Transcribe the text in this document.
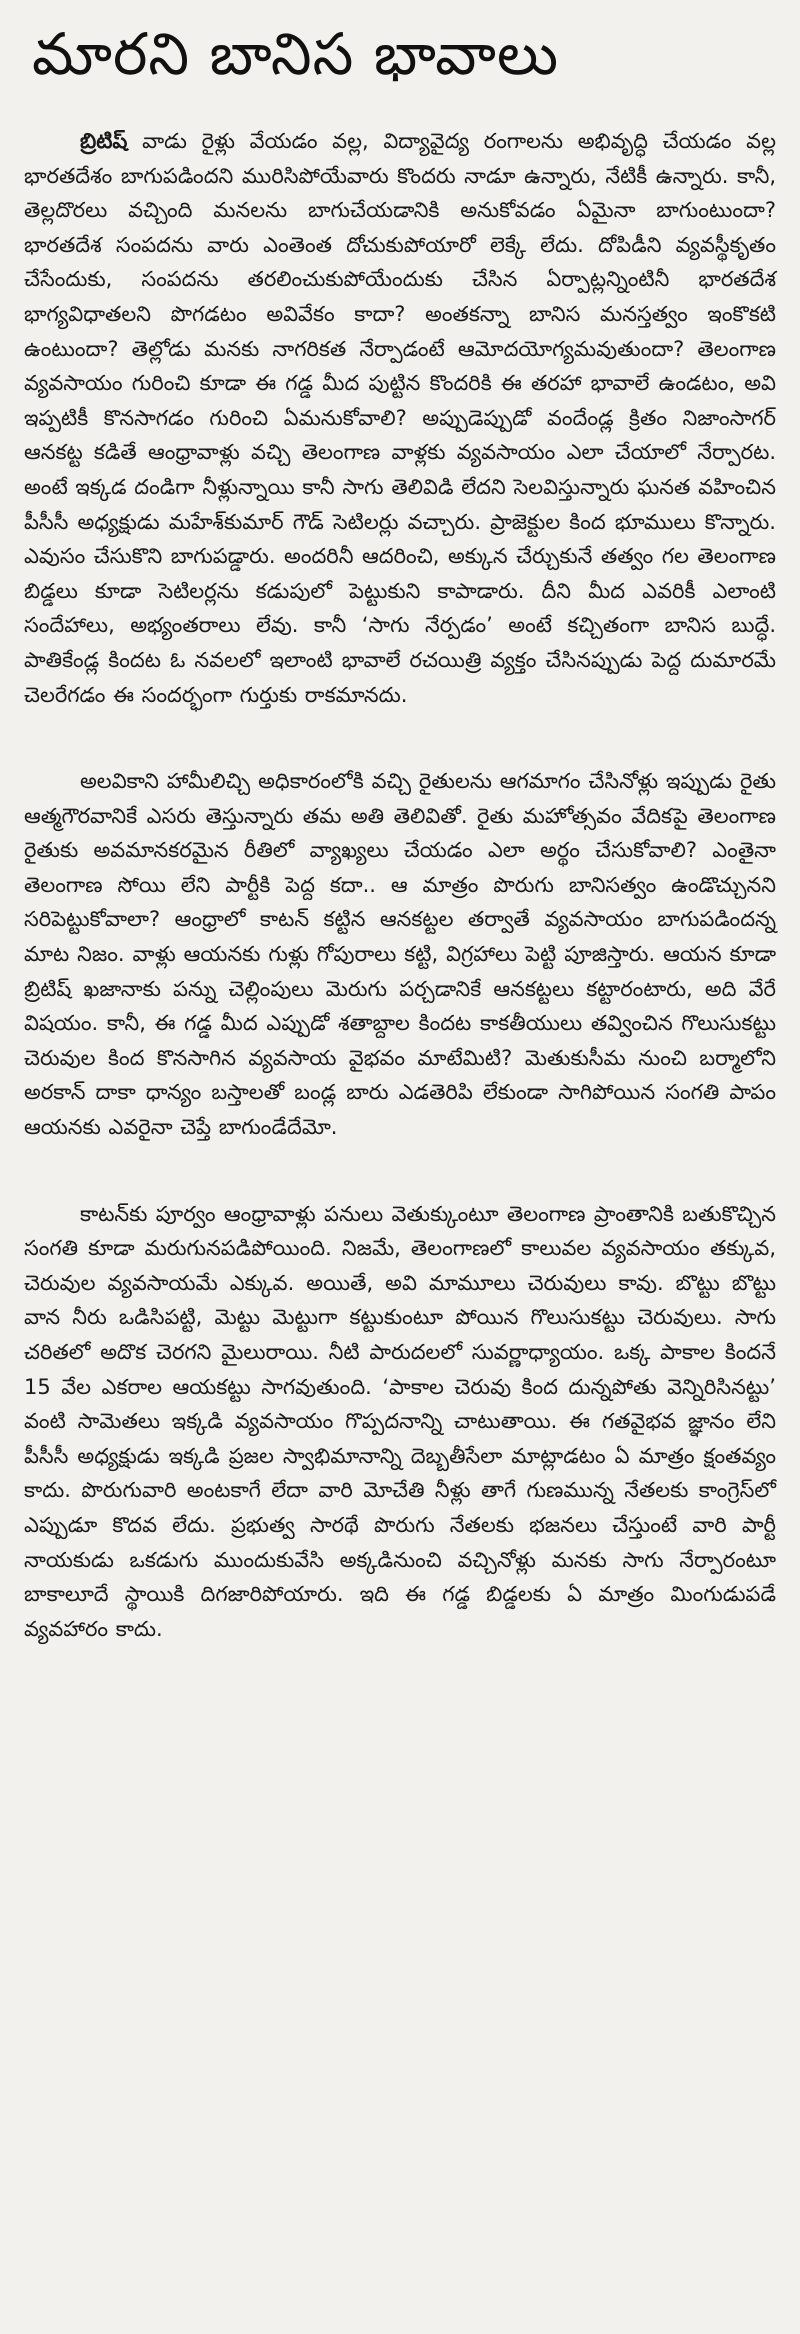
మారని బానిస భావాలు

బ్రిటిష్ వాడు రైళ్లు వేయడం వల్ల, విద్యావైద్య రంగాలను అభివృద్ధి చేయడం వల్ల భారతదేశం బాగుపడిందని మురిసిపోయేవారు కొందరు నాడూ ఉన్నారు, నేటికీ ఉన్నారు. కానీ, తెల్లదొరలు వచ్చింది మనలను బాగుచేయడానికి అనుకోవడం ఏమైనా బాగుంటుందా? భారతదేశ సంపదను వారు ఎంతెంత దోచుకుపోయారో లెక్కే లేదు. దోపిడీని వ్యవస్థీకృతం చేసేందుకు, సంపదను తరలించుకుపోయేందుకు చేసిన ఏర్పాట్లన్నింటినీ భారతదేశ భాగ్యవిధాతలని పొగడటం అవివేకం కాదా? అంతకన్నా బానిస మనస్తత్వం ఇంకొకటి ఉంటుందా? తెల్లోడు మనకు నాగరికత నేర్పాడంటే ఆమోదయోగ్యమవుతుందా? తెలంగాణ వ్యవసాయం గురించి కూడా ఈ గడ్డ మీద పుట్టిన కొందరికి ఈ తరహా భావాలే ఉండటం, అవి ఇప్పటికీ కొనసాగడం గురించి ఏమనుకోవాలి? అప్పుడెప్పుడో వందేండ్ల క్రితం నిజాంసాగర్ ఆనకట్ట కడితే ఆంధ్రావాళ్లు వచ్చి తెలంగాణ వాళ్లకు వ్యవసాయం ఎలా చేయాలో నేర్పారట. అంటే ఇక్కడ దండిగా నీళ్లున్నాయి కానీ సాగు తెలివిడి లేదని సెలవిస్తున్నారు ఘనత వహించిన పీసీసీ అధ్యక్షుడు మహేశ్‌కుమార్ గౌడ్ సెటిలర్లు వచ్చారు. ప్రాజెక్టుల కింద భూములు కొన్నారు. ఎవుసం చేసుకొని బాగుపడ్డారు. అందరినీ ఆదరించి, అక్కున చేర్చుకునే తత్వం గల తెలంగాణ బిడ్డలు కూడా సెటిలర్లను కడుపులో పెట్టుకుని కాపాడారు. దీని మీద ఎవరికీ ఎలాంటి సందేహాలు, అభ్యంతరాలు లేవు. కానీ ‘సాగు నేర్పడం’ అంటే కచ్చితంగా బానిస బుద్ధే. పాతికేండ్ల కిందట ఓ నవలలో ఇలాంటి భావాలే రచయిత్రి వ్యక్తం చేసినప్పుడు పెద్ద దుమారమే చెలరేగడం ఈ సందర్భంగా గుర్తుకు రాకమానదు.

అలవికాని హామీలిచ్చి అధికారంలోకి వచ్చి రైతులను ఆగమాగం చేసినోళ్లు ఇప్పుడు రైతు ఆత్మగౌరవానికే ఎసరు తెస్తున్నారు తమ అతి తెలివితో. రైతు మహోత్సవం వేదికపై తెలంగాణ రైతుకు అవమానకరమైన రీతిలో వ్యాఖ్యలు చేయడం ఎలా అర్థం చేసుకోవాలి? ఎంతైనా తెలంగాణ సోయి లేని పార్టీకి పెద్ద కదా.. ఆ మాత్రం పొరుగు బానిసత్వం ఉండొచ్చునని సరిపెట్టుకోవాలా? ఆంధ్రాలో కాటన్ కట్టిన ఆనకట్టల తర్వాతే వ్యవసాయం బాగుపడిందన్న మాట నిజం. వాళ్లు ఆయనకు గుళ్లు గోపురాలు కట్టి, విగ్రహాలు పెట్టి పూజిస్తారు. ఆయన కూడా బ్రిటిష్ ఖజానాకు పన్ను చెల్లింపులు మెరుగు పర్చడానికే ఆనకట్టలు కట్టారంటారు, అది వేరే విషయం. కానీ, ఈ గడ్డ మీద ఎప్పుడో శతాబ్దాల కిందట కాకతీయులు తవ్వించిన గొలుసుకట్టు చెరువుల కింద కొనసాగిన వ్యవసాయ వైభవం మాటేమిటి? మెతుకుసీమ నుంచి బర్మాలోని అరకాన్ దాకా ధాన్యం బస్తాలతో బండ్ల బారు ఎడతెరిపి లేకుండా సాగిపోయిన సంగతి పాపం ఆయనకు ఎవరైనా చెప్తే బాగుండేదేమో.

కాటన్‌కు పూర్వం ఆంధ్రావాళ్లు పనులు వెతుక్కుంటూ తెలంగాణ ప్రాంతానికి బతుకొచ్చిన సంగతి కూడా మరుగునపడిపోయింది. నిజమే, తెలంగాణలో కాలువల వ్యవసాయం తక్కువ, చెరువుల వ్యవసాయమే ఎక్కువ. అయితే, అవి మామూలు చెరువులు కావు. బొట్టు బొట్టు వాన నీరు ఒడిసిపట్టి, మెట్టు మెట్టుగా కట్టుకుంటూ పోయిన గొలుసుకట్టు చెరువులు. సాగు చరితలో అదొక చెరగని మైలురాయి. నీటి పారుదలలో సువర్ణాధ్యాయం. ఒక్క పాకాల కిందనే 15 వేల ఎకరాల ఆయకట్టు సాగవుతుంది. ‘పాకాల చెరువు కింద దున్నపోతు వెన్నిరిసినట్టు’ వంటి సామెతలు ఇక్కడి వ్యవసాయం గొప్పదనాన్ని చాటుతాయి. ఈ గతవైభవ జ్ఞానం లేని పీసీసీ అధ్యక్షుడు ఇక్కడి ప్రజల స్వాభిమానాన్ని దెబ్బతీసేలా మాట్లాడటం ఏ మాత్రం క్షంతవ్యం కాదు. పొరుగువారి అంటకాగే లేదా వారి మోచేతి నీళ్లు తాగే గుణమున్న నేతలకు కాంగ్రెస్‌లో ఎప్పుడూ కొదవ లేదు. ప్రభుత్వ సారథే పొరుగు నేతలకు భజనలు చేస్తుంటే వారి పార్టీ నాయకుడు ఒకడుగు ముందుకువేసి అక్కడినుంచి వచ్చినోళ్లు మనకు సాగు నేర్పారంటూ బాకాలూదే స్థాయికి దిగజారిపోయారు. ఇది ఈ గడ్డ బిడ్డలకు ఏ మాత్రం మింగుడుపడే వ్యవహారం కాదు.
